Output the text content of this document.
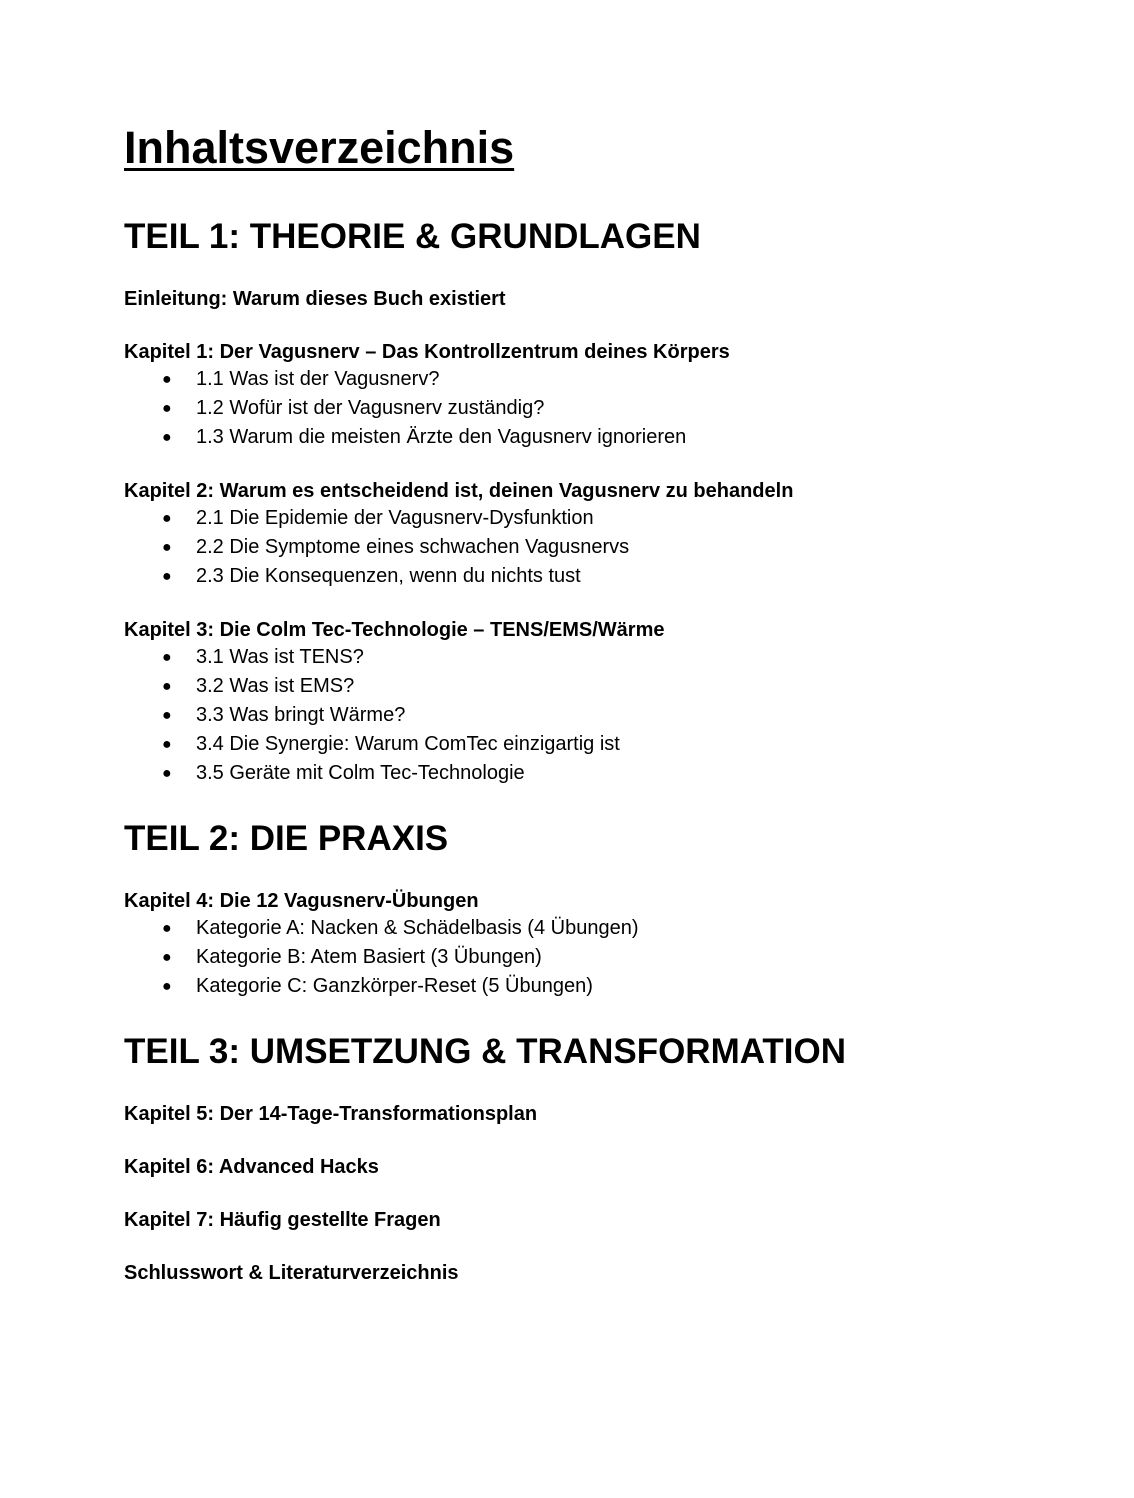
Inhaltsverzeichnis
TEIL 1: THEORIE & GRUNDLAGEN

Einleitung: Warum dieses Buch existiert

Kapitel 1: Der Vagusnerv – Das Kontrollzentrum deines Körpers

● 1.1 Was ist der Vagusnerv?
● 1.2 Wofür ist der Vagusnerv zuständig?
● 1.3 Warum die meisten Ärzte den Vagusnerv ignorieren

Kapitel 2: Warum es entscheidend ist, deinen Vagusnerv zu behandeln

● 2.1 Die Epidemie der Vagusnerv-Dysfunktion
● 2.2 Die Symptome eines schwachen Vagusnervs
● 2.3 Die Konsequenzen, wenn du nichts tust

Kapitel 3: Die Colm Tec-Technologie – TENS/EMS/Wärme

● 3.1 Was ist TENS?
● 3.2 Was ist EMS?
● 3.3 Was bringt Wärme?
● 3.4 Die Synergie: Warum ComTec einzigartig ist
● 3.5 Geräte mit Colm Tec-Technologie
TEIL 2: DIE PRAXIS

Kapitel 4: Die 12 Vagusnerv-Übungen

● Kategorie A: Nacken & Schädelbasis (4 Übungen)
● Kategorie B: Atem Basiert (3 Übungen)
● Kategorie C: Ganzkörper-Reset (5 Übungen)
TEIL 3: UMSETZUNG & TRANSFORMATION

Kapitel 5: Der 14-Tage-Transformationsplan

Kapitel 6: Advanced Hacks

Kapitel 7: Häufig gestellte Fragen

Schlusswort & Literaturverzeichnis
